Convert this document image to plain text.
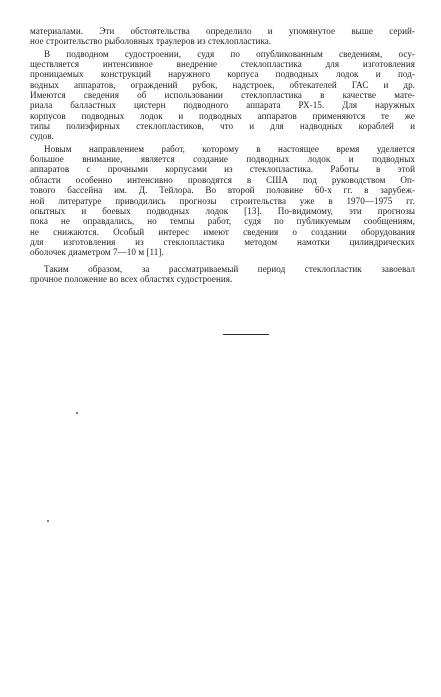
материалами. Эти обстоятельства определило и упомянутое выше серий-
ное строительство рыболовных траулеров из стеклопластика.
В подводном судостроении, судя по опубликованным сведениям, осу-
ществляется интенсивное внедрение стеклопластика для изготовления
проницаемых конструкций наружного корпуса подводных лодок и под-
водных аппаратов, ограждений рубок, надстроек, обтекателей ГАС и др.
Имеются сведения об использовании стеклопластика в качестве мате-
риала балластных цистерн подводного аппарата РХ-15. Для наружных
корпусов подводных лодок и подводных аппаратов применяются те же
типы полиэфирных стеклопластиков, что и для надводных кораблей и
судов.
Новым направлением работ, которому в настоящее время уделяется
большое внимание, является создание подводных лодок и подводных
аппаратов с прочными корпусами из стеклопластика. Работы в этой
области особенно интенсивно проводятся в США под руководством Оп-
тового бассейна им. Д. Тейлора. Во второй половине 60-х гг. в зарубеж-
ной литературе приводились прогнозы строительства уже в 1970—1975 гг.
опытных и боевых подводных лодок [13]. По-видимому, эти прогнозы
пока не оправдались, но темпы работ, судя по публикуемым сообщениям,
не снижаются. Особый интерес имеют сведения о создании оборудования
для изготовления из стеклопластика методом намотки цилиндрических
оболочек диаметром 7—10 м [11].
Таким образом, за рассматриваемый период стеклопластик завоевал
прочное положение во всех областях судостроения.
